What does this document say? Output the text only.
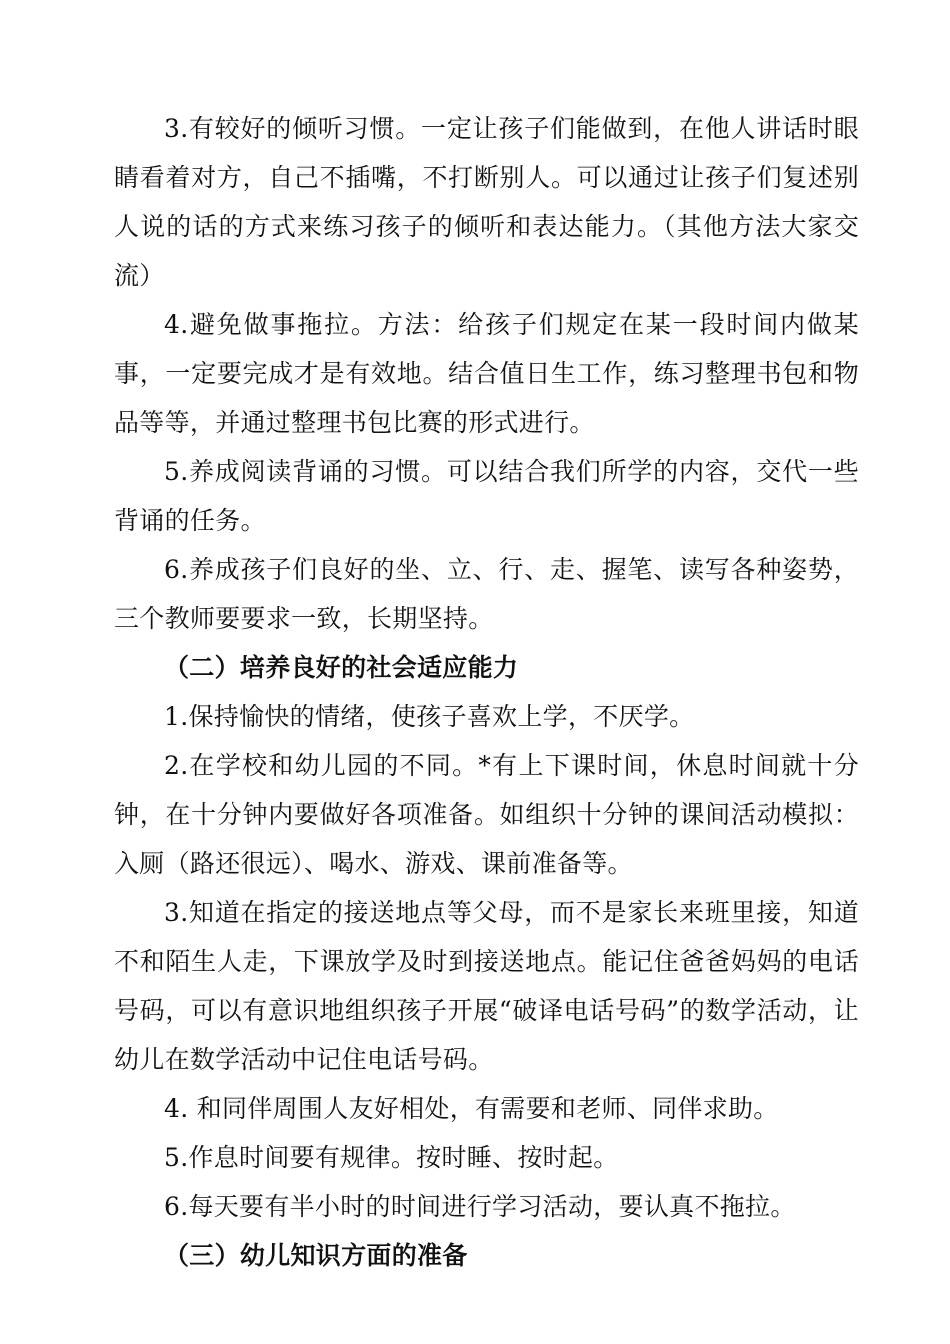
3.有较好的倾听习惯。一定让孩子们能做到，在他人讲话时眼睛看着对方，自己不插嘴，不打断别人。可以通过让孩子们复述别人说的话的方式来练习孩子的倾听和表达能力。（其他方法大家交流）

4.避免做事拖拉。方法：给孩子们规定在某一段时间内做某事，一定要完成才是有效地。结合值日生工作，练习整理书包和物品等等，并通过整理书包比赛的形式进行。

5.养成阅读背诵的习惯。可以结合我们所学的内容，交代一些背诵的任务。

6.养成孩子们良好的坐、立、行、走、握笔、读写各种姿势，三个教师要要求一致，长期坚持。

（二）培养良好的社会适应能力

1.保持愉快的情绪，使孩子喜欢上学，不厌学。

2.在学校和幼儿园的不同。*有上下课时间，休息时间就十分钟，在十分钟内要做好各项准备。如组织十分钟的课间活动模拟：入厕（路还很远）、喝水、游戏、课前准备等。

3.知道在指定的接送地点等父母，而不是家长来班里接，知道不和陌生人走，下课放学及时到接送地点。能记住爸爸妈妈的电话号码，可以有意识地组织孩子开展“破译电话号码”的数学活动，让幼儿在数学活动中记住电话号码。

4. 和同伴周围人友好相处，有需要和老师、同伴求助。

5.作息时间要有规律。按时睡、按时起。

6.每天要有半小时的时间进行学习活动，要认真不拖拉。

（三）幼儿知识方面的准备
